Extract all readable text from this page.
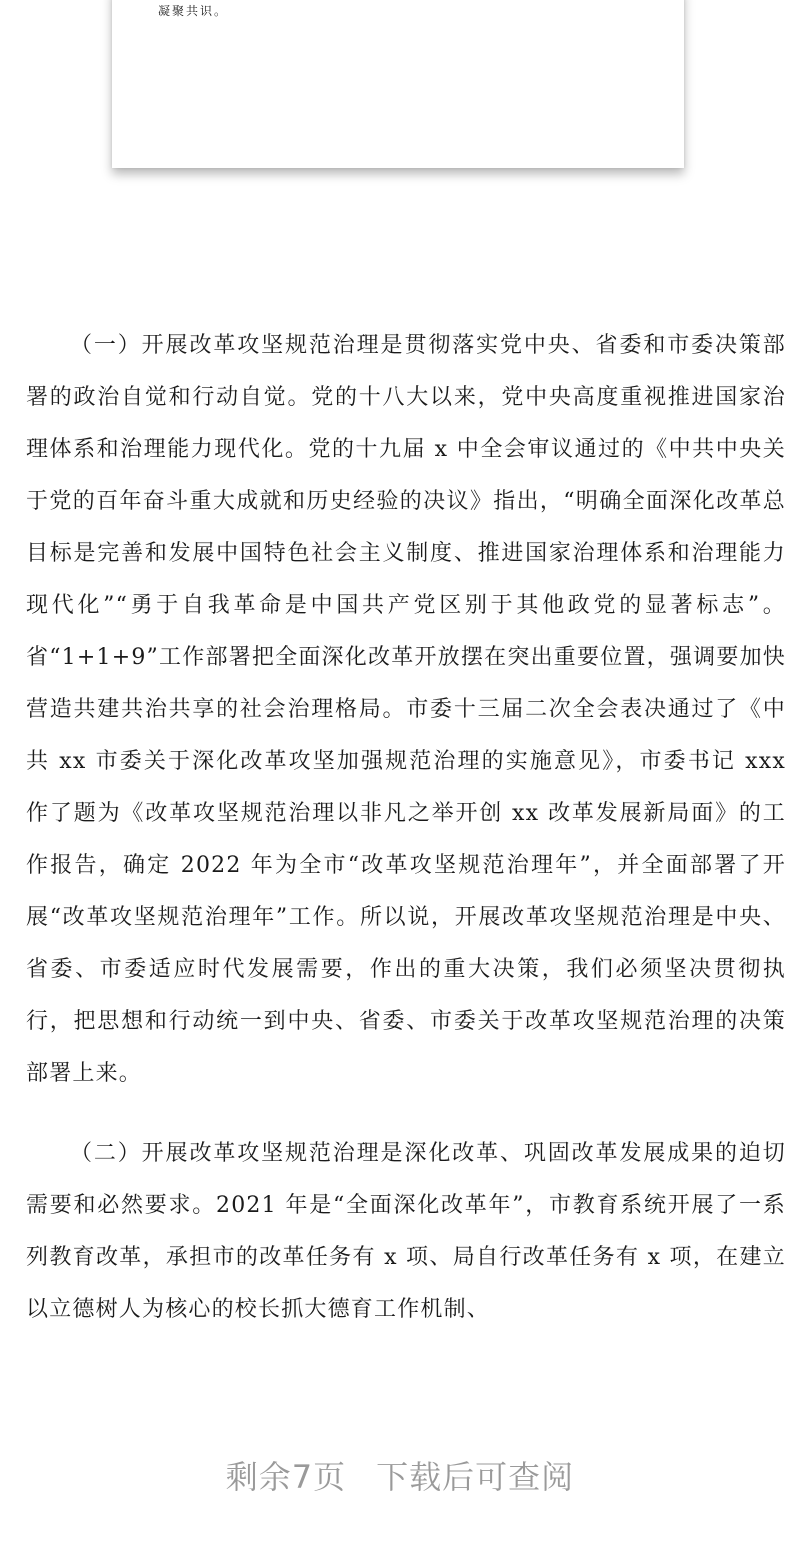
凝聚共识。

（一）开展改革攻坚规范治理是贯彻落实党中央、省委和市委决策部署的政治自觉和行动自觉。党的十八大以来，党中央高度重视推进国家治理体系和治理能力现代化。党的十九届 x 中全会审议通过的《中共中央关于党的百年奋斗重大成就和历史经验的决议》指出，“明确全面深化改革总目标是完善和发展中国特色社会主义制度、推进国家治理体系和治理能力现代化”“勇于自我革命是中国共产党区别于其他政党的显著标志”。省“1+1+9”工作部署把全面深化改革开放摆在突出重要位置，强调要加快营造共建共治共享的社会治理格局。市委十三届二次全会表决通过了《中共 xx 市委关于深化改革攻坚加强规范治理的实施意见》，市委书记 xxx 作了题为《改革攻坚规范治理以非凡之举开创 xx 改革发展新局面》的工作报告，确定 2022 年为全市“改革攻坚规范治理年”，并全面部署了开展“改革攻坚规范治理年”工作。所以说，开展改革攻坚规范治理是中央、省委、市委适应时代发展需要，作出的重大决策，我们必须坚决贯彻执行，把思想和行动统一到中央、省委、市委关于改革攻坚规范治理的决策部署上来。

（二）开展改革攻坚规范治理是深化改革、巩固改革发展成果的迫切需要和必然要求。2021 年是“全面深化改革年”，市教育系统开展了一系列教育改革，承担市的改革任务有 x 项、局自行改革任务有 x 项，在建立以立德树人为核心的校长抓大德育工作机制、

剩余7页 下载后可查阅
